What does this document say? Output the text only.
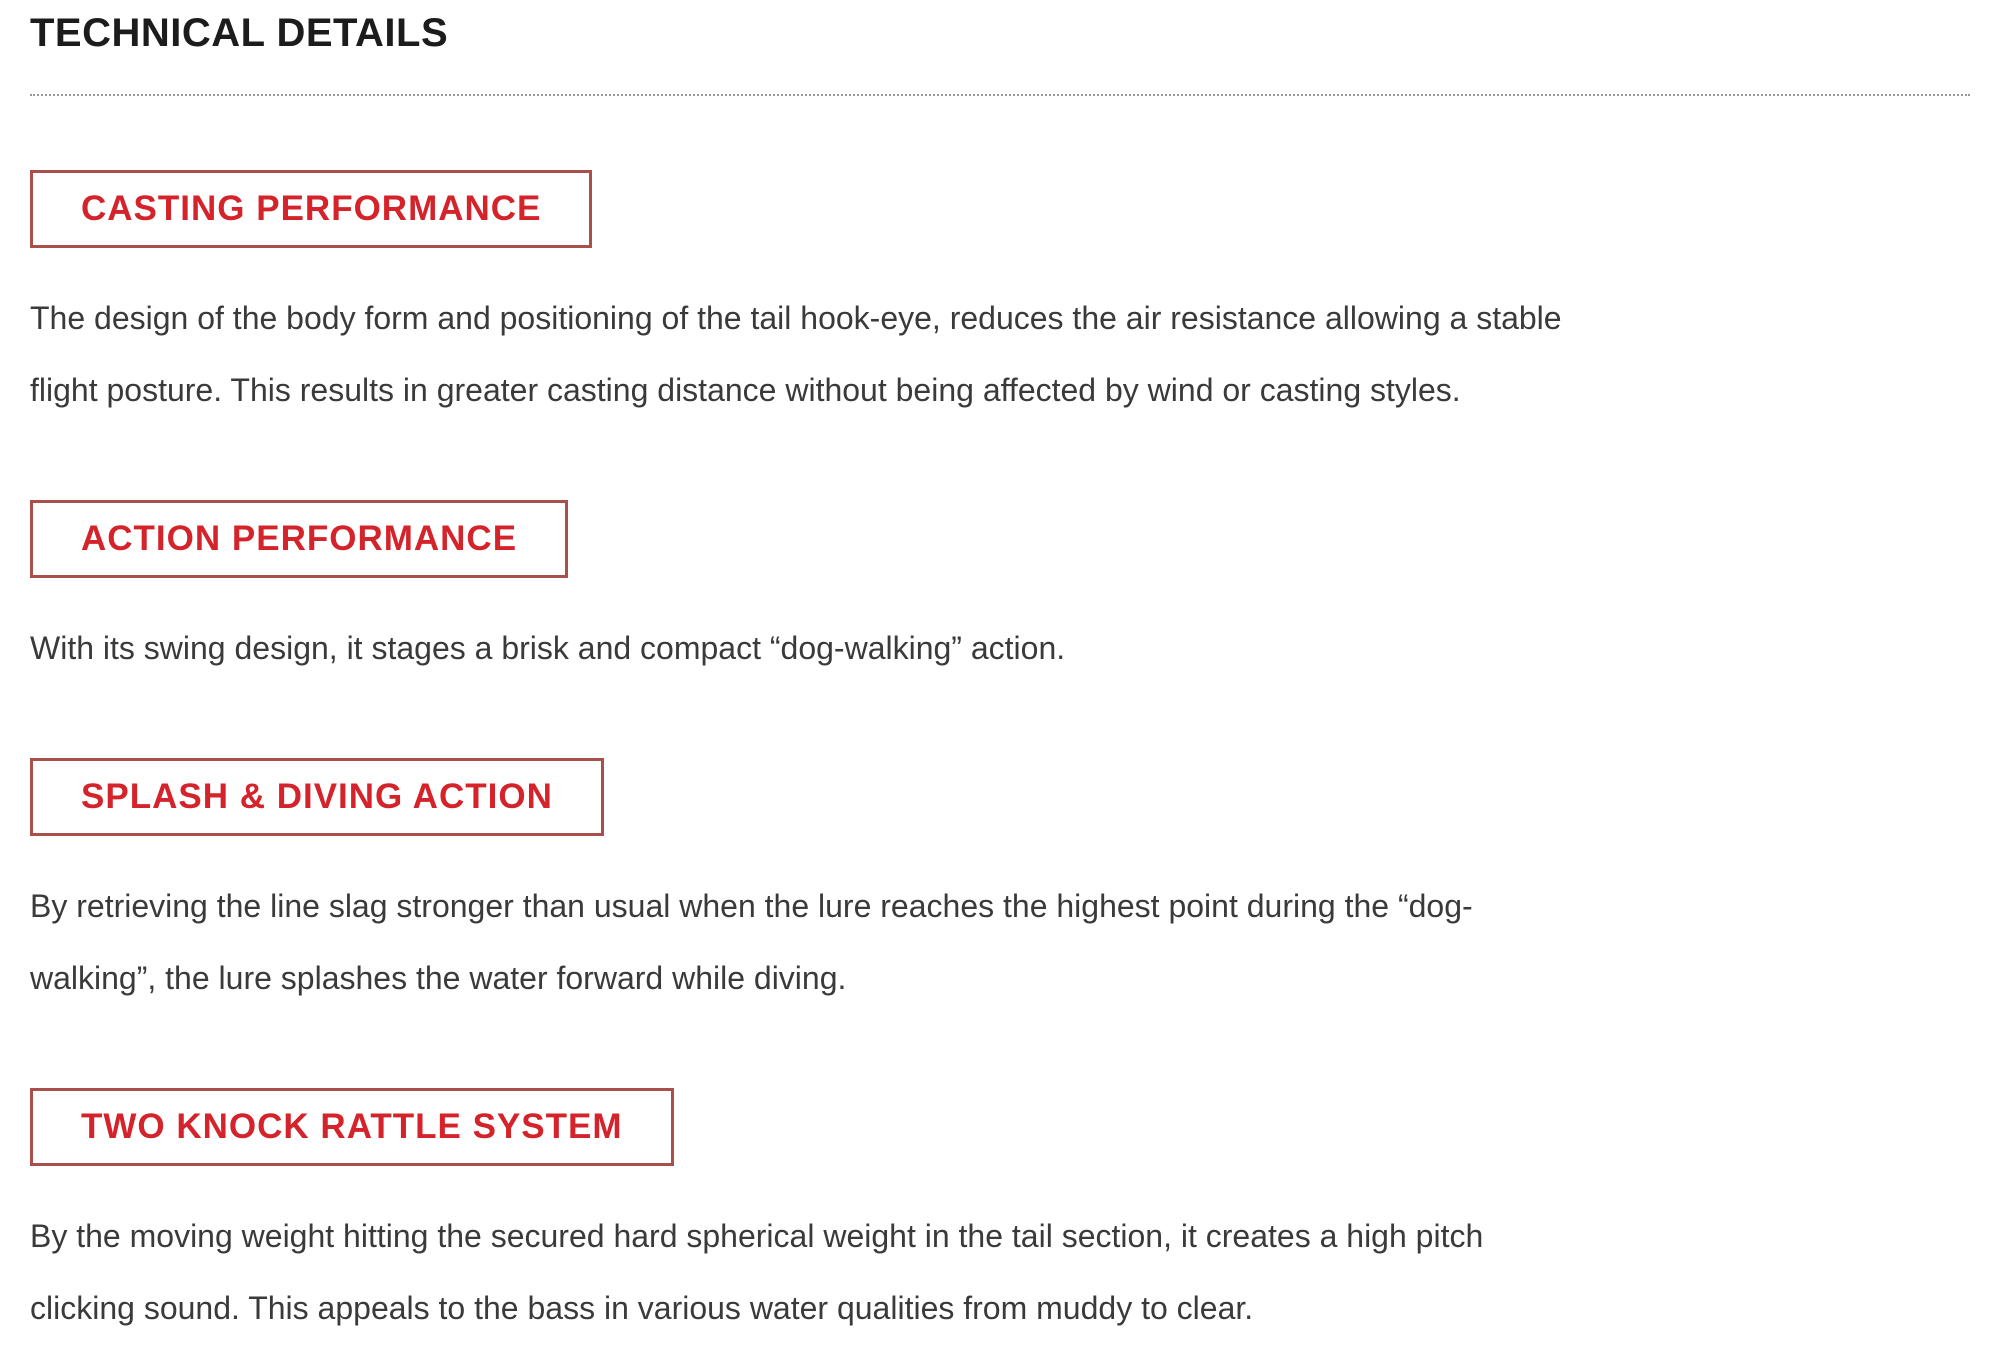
TECHNICAL DETAILS
CASTING PERFORMANCE
The design of the body form and positioning of the tail hook-eye, reduces the air resistance allowing a stable
flight posture. This results in greater casting distance without being affected by wind or casting styles.
ACTION PERFORMANCE
With its swing design, it stages a brisk and compact “dog-walking” action.
SPLASH & DIVING ACTION
By retrieving the line slag stronger than usual when the lure reaches the highest point during the “dog-
walking”, the lure splashes the water forward while diving.
TWO KNOCK RATTLE SYSTEM
By the moving weight hitting the secured hard spherical weight in the tail section, it creates a high pitch
clicking sound. This appeals to the bass in various water qualities from muddy to clear.
